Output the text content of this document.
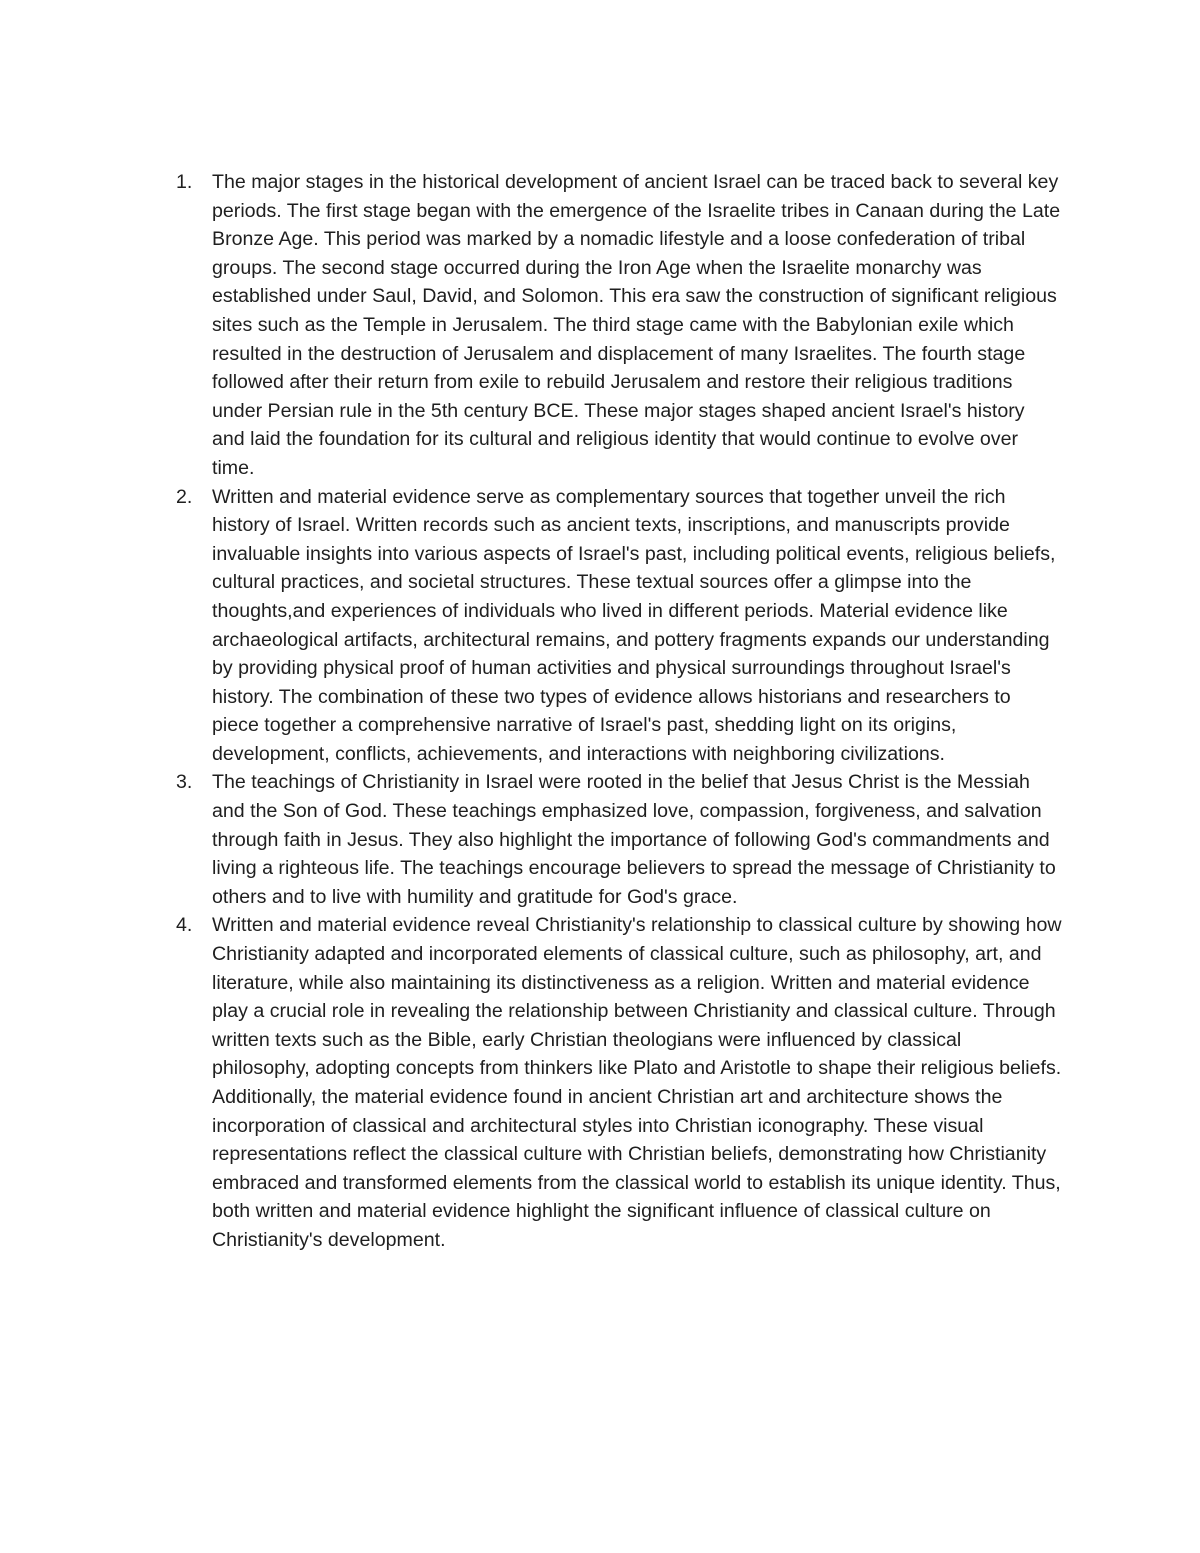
1. The major stages in the historical development of ancient Israel can be traced back to several key periods. The first stage began with the emergence of the Israelite tribes in Canaan during the Late Bronze Age. This period was marked by a nomadic lifestyle and a loose confederation of tribal groups. The second stage occurred during the Iron Age when the Israelite monarchy was established under Saul, David, and Solomon. This era saw the construction of significant religious sites such as the Temple in Jerusalem. The third stage came with the Babylonian exile which resulted in the destruction of Jerusalem and displacement of many Israelites. The fourth stage followed after their return from exile to rebuild Jerusalem and restore their religious traditions under Persian rule in the 5th century BCE. These major stages shaped ancient Israel's history and laid the foundation for its cultural and religious identity that would continue to evolve over time.
2. Written and material evidence serve as complementary sources that together unveil the rich history of Israel. Written records such as ancient texts, inscriptions, and manuscripts provide invaluable insights into various aspects of Israel's past, including political events, religious beliefs, cultural practices, and societal structures. These textual sources offer a glimpse into the thoughts,and experiences of individuals who lived in different periods. Material evidence like archaeological artifacts, architectural remains, and pottery fragments expands our understanding by providing physical proof of human activities and physical surroundings throughout Israel's history. The combination of these two types of evidence allows historians and researchers to piece together a comprehensive narrative of Israel's past, shedding light on its origins, development, conflicts, achievements, and interactions with neighboring civilizations.
3. The teachings of Christianity in Israel were rooted in the belief that Jesus Christ is the Messiah and the Son of God. These teachings emphasized love, compassion, forgiveness, and salvation through faith in Jesus. They also highlight the importance of following God's commandments and living a righteous life. The teachings encourage believers to spread the message of Christianity to others and to live with humility and gratitude for God's grace.
4. Written and material evidence reveal Christianity's relationship to classical culture by showing how Christianity adapted and incorporated elements of classical culture, such as philosophy, art, and literature, while also maintaining its distinctiveness as a religion. Written and material evidence play a crucial role in revealing the relationship between Christianity and classical culture. Through written texts such as the Bible, early Christian theologians were influenced by classical philosophy, adopting concepts from thinkers like Plato and Aristotle to shape their religious beliefs. Additionally, the material evidence found in ancient Christian art and architecture shows the incorporation of classical and architectural styles into Christian iconography. These visual representations reflect the classical culture with Christian beliefs, demonstrating how Christianity embraced and transformed elements from the classical world to establish its unique identity. Thus, both written and material evidence highlight the significant influence of classical culture on Christianity's development.
